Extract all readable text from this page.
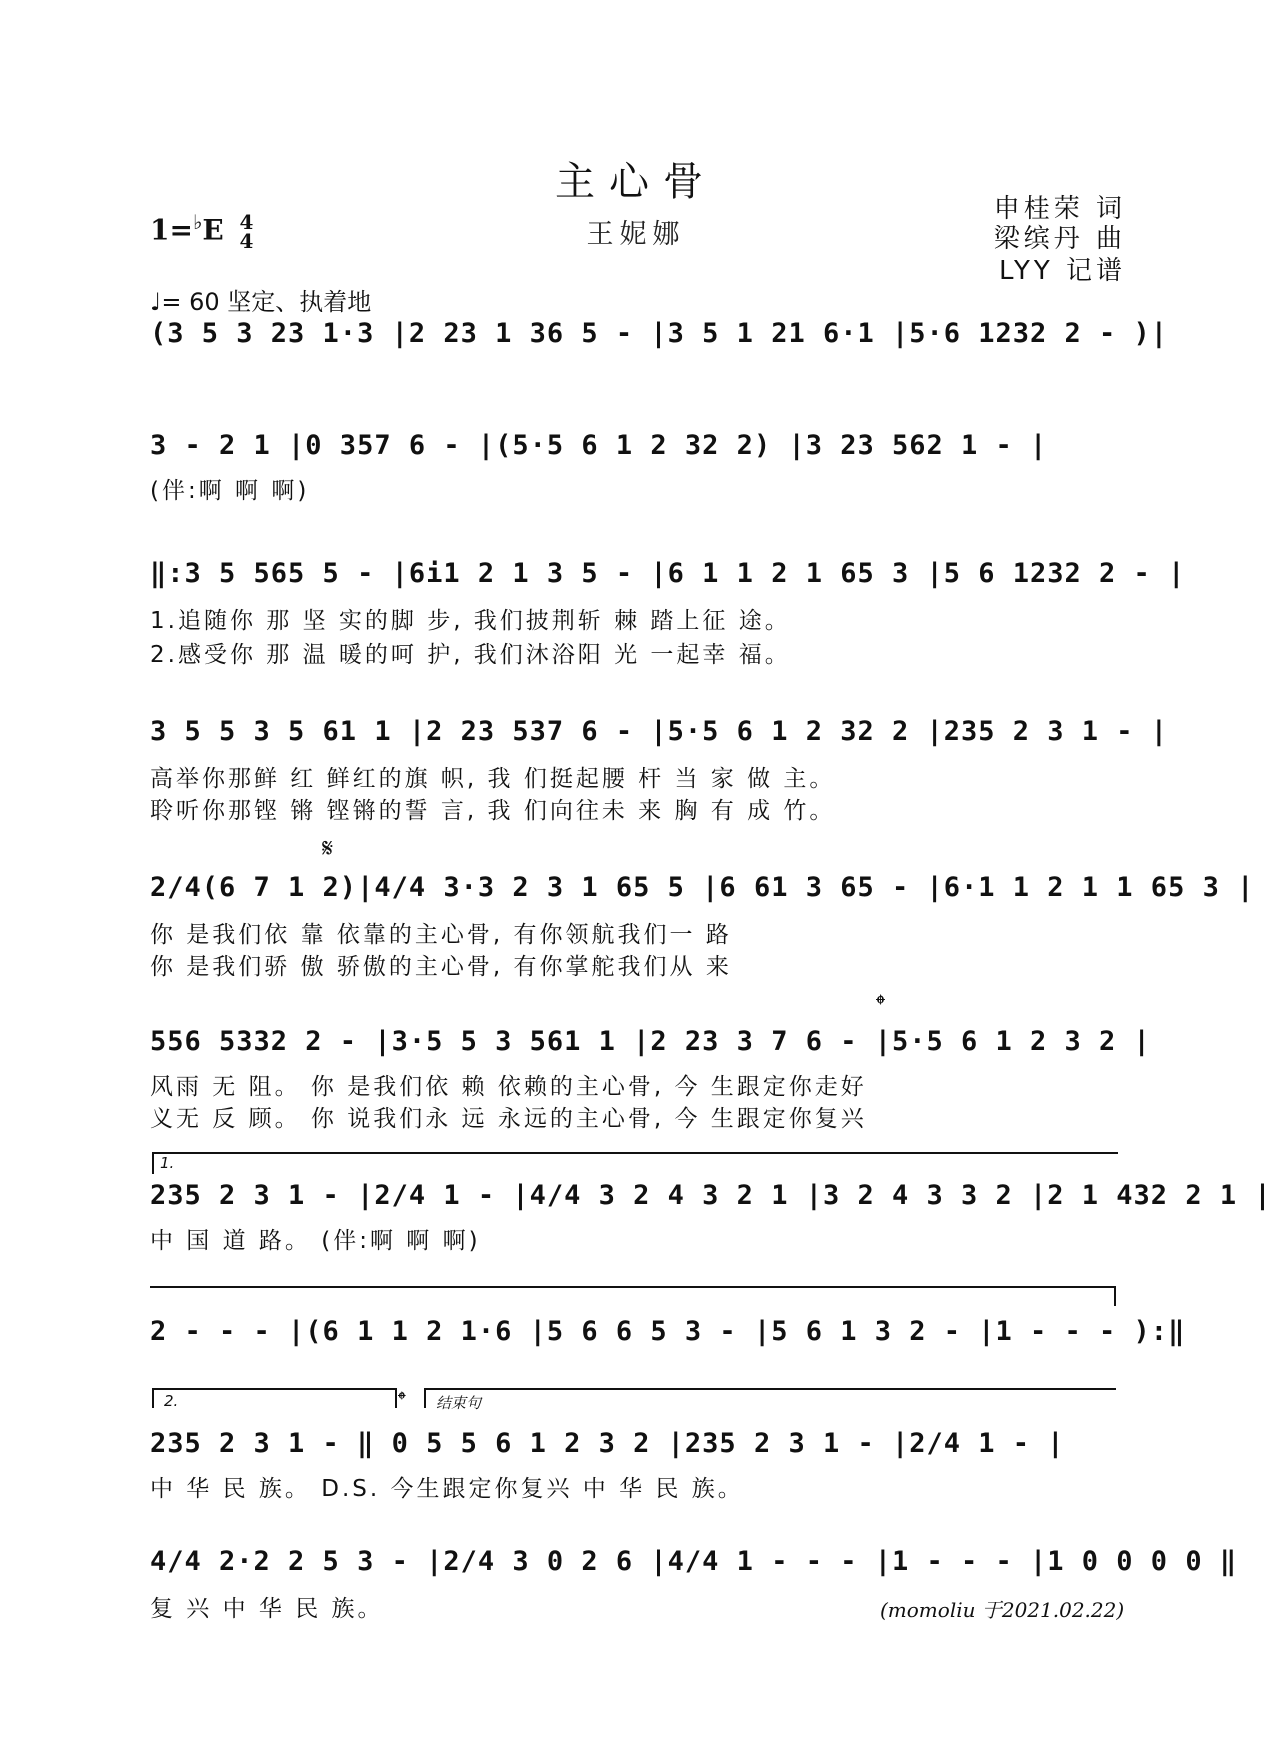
主心骨
王妮娜
1=♭E 4
4
申桂荣 词
梁缤丹 曲
LYY 记谱
♩= 60 坚定、执着地
(3 5 3 23 1·3 |2 23 1 36 5 - |3 5 1 21 6·1 |5·6 1232 2 - )|
3 - 2 1 |0 357 6 - |(5·5 6 1 2 32 2) |3 23 562 1 - |
(伴:啊 啊 啊)
‖:3 5 565 5 - |6i1 2 1 3 5 - |6 1 1 2 1 65 3 |5 6 1232 2 - |
1.追随你 那 坚 实的脚 步, 我们披荆斩 棘 踏上征 途。
2.感受你 那 温 暖的呵 护, 我们沐浴阳 光 一起幸 福。
3 5 5 3 5 61 1 |2 23 537 6 - |5·5 6 1 2 32 2 |235 2 3 1 - |
高举你那鲜 红 鲜红的旗 帜, 我 们挺起腰 杆 当 家 做 主。
聆听你那铿 锵 铿锵的誓 言, 我 们向往未 来 胸 有 成 竹。
𝄋
2/4(6 7 1 2)|4/4 3·3 2 3 1 65 5 |6 61 3 65 - |6·1 1 2 1 1 65 3 |
你 是我们依 靠 依靠的主心骨, 有你领航我们一 路
你 是我们骄 傲 骄傲的主心骨, 有你掌舵我们从 来
𝄌
556 5332 2 - |3·5 5 3 561 1 |2 23 3 7 6 - |5·5 6 1 2 3 2 |
风雨 无 阻。 你 是我们依 赖 依赖的主心骨, 今 生跟定你走好
义无 反 顾。 你 说我们永 远 永远的主心骨, 今 生跟定你复兴
1.
235 2 3 1 - |2/4 1 - |4/4 3 2 4 3 2 1 |3 2 4 3 3 2 |2 1 432 2 1 |
中 国 道 路。 (伴:啊 啊 啊)
2 - - - |(6 1 1 2 1·6 |5 6 6 5 3 - |5 6 1 3 2 - |1 - - - ):‖
2.	𝄌 结束句
235 2 3 1 - ‖ 0 5 5 6 1 2 3 2 |235 2 3 1 - |2/4 1 - |
中 华 民 族。 D.S. 今生跟定你复兴 中 华 民 族。
4/4 2·2 2 5 3 - |2/4 3 0 2 6 |4/4 1 - - - |1 - - - |1 0 0 0 0 ‖
复 兴 中 华 民 族。	(momoliu 于2021.02.22)
